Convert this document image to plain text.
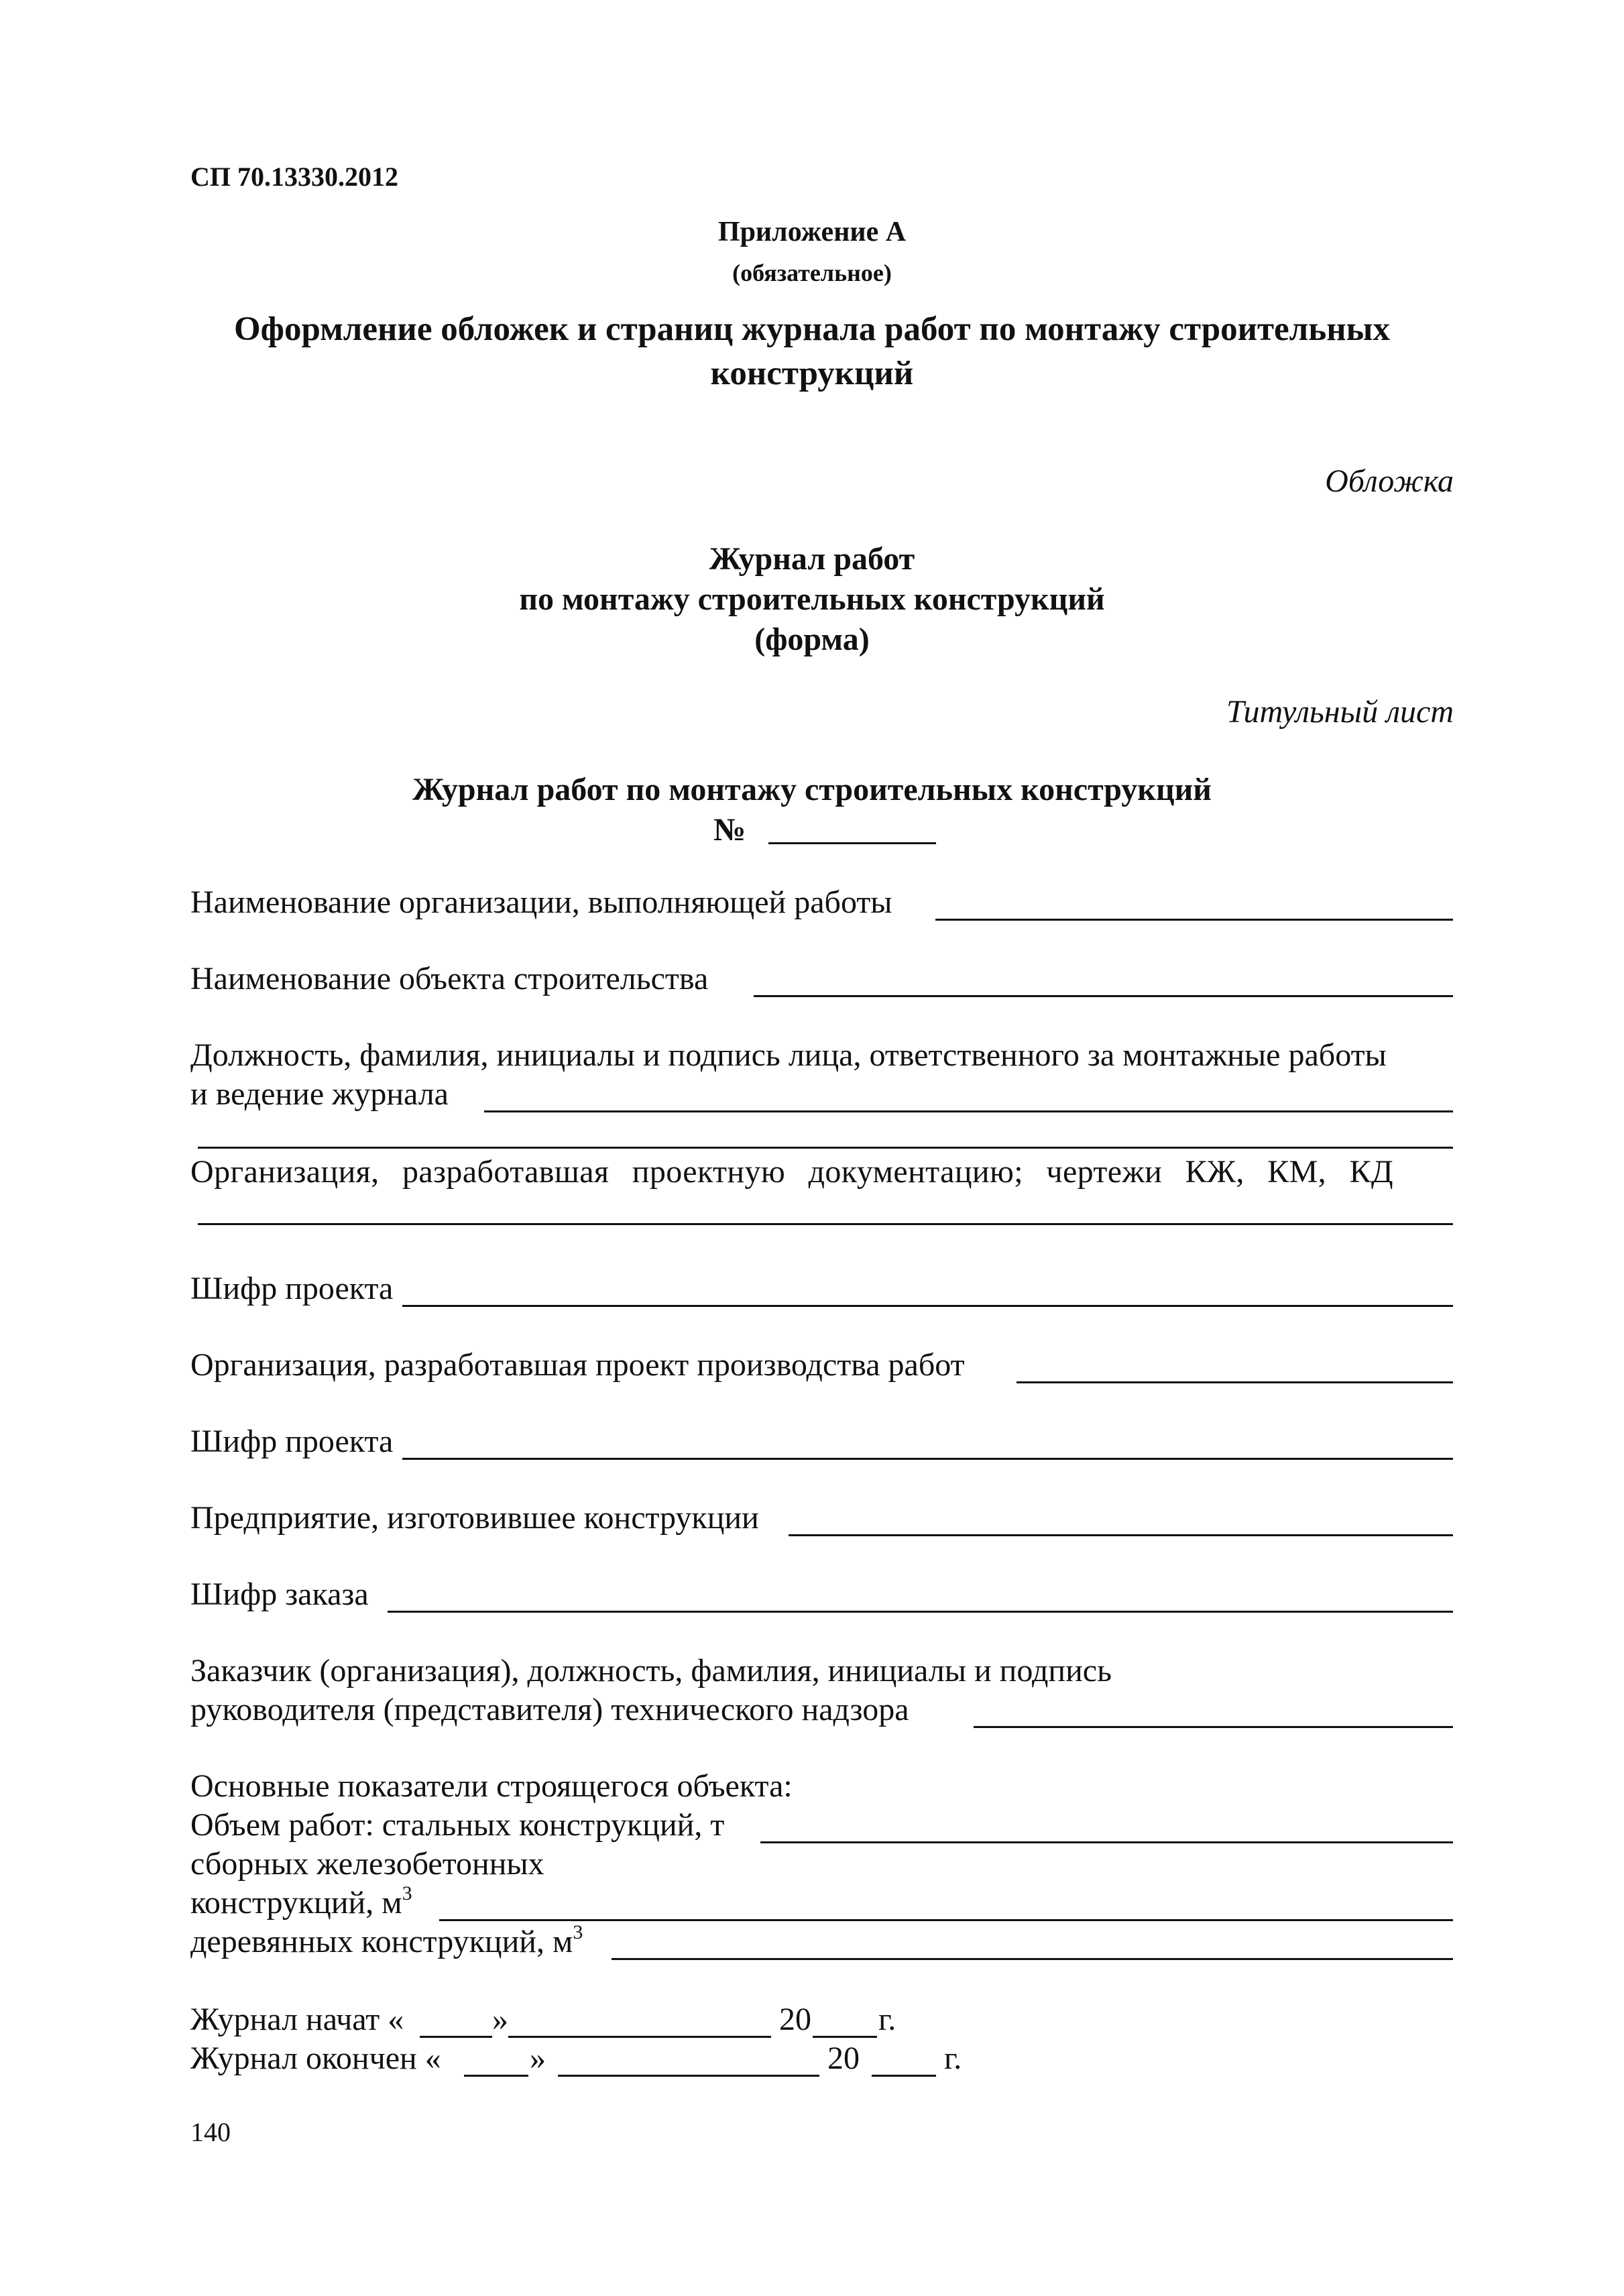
СП 70.13330.2012
Приложение А
(обязательное)
Оформление обложек и страниц журнала работ по монтажу строительных
конструкций
Обложка
Журнал работ
по монтажу строительных конструкций
(форма)
Титульный лист
Журнал работ по монтажу строительных конструкций
№
Наименование организации, выполняющей работы
Наименование объекта строительства
Должность, фамилия, инициалы и подпись лица, ответственного за монтажные работы
и ведение журнала
Организация, разработавшая проектную документацию; чертежи КЖ, КМ, КД
Шифр проекта
Организация, разработавшая проект производства работ
Шифр проекта
Предприятие, изготовившее конструкции
Шифр заказа
Заказчик (организация), должность, фамилия, инициалы и подпись
руководителя (представителя) технического надзора
Основные показатели строящегося объекта:
Объем работ: стальных конструкций, т
сборных железобетонных
конструкций, $м^3$
деревянных конструкций, $м^3$
Журнал начат «	»	20 г.
Журнал окончен «	»	20	г.
140
